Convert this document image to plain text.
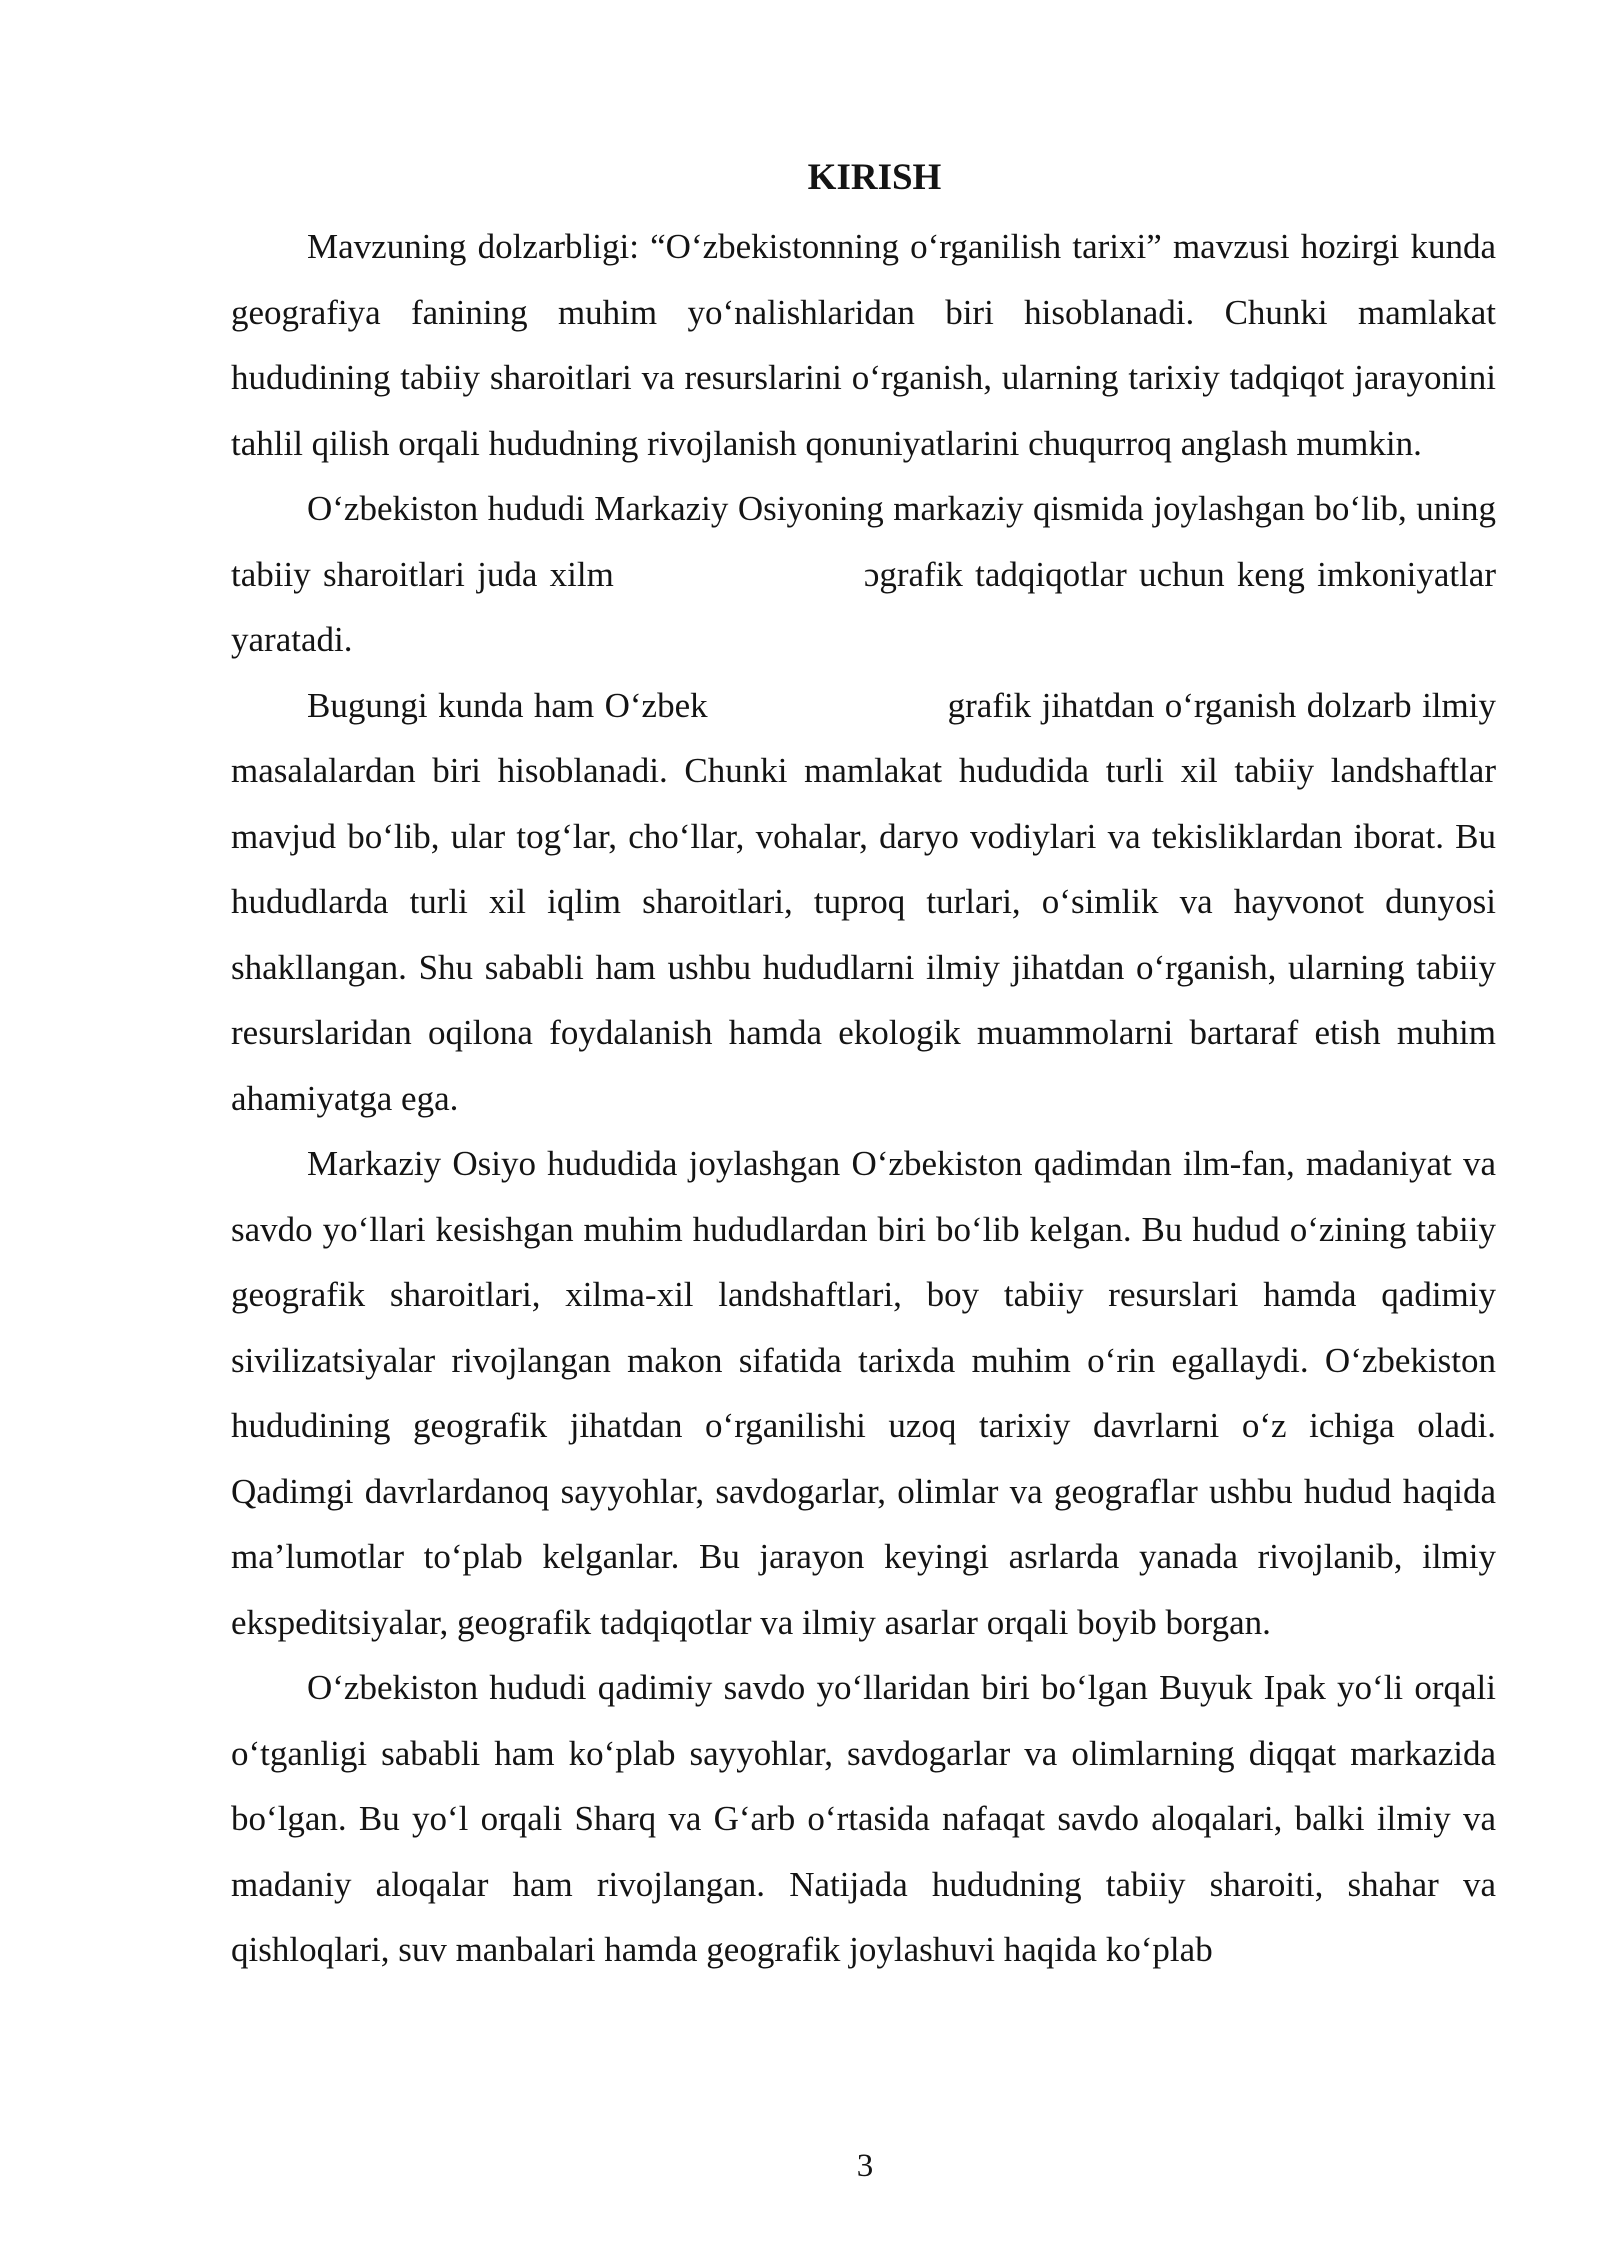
KIRISH

Mavzuning dolzarbligi: “O‘zbekistonning o‘rganilish tarixi” mavzusi hozirgi kunda geografiya fanining muhim yo‘nalishlaridan biri hisoblanadi. Chunki mamlakat hududining tabiiy sharoitlari va resurslarini o‘rganish, ularning tarixiy tadqiqot jarayonini tahlil qilish orqali hududning rivojlanish qonuniyatlarini chuqurroq anglash mumkin.

O‘zbekiston hududi Markaziy Osiyoning markaziy qismida joylashgan bo‘lib, uning tabiiy sharoitlari juda xilm	ɔgrafik tadqiqotlar uchun keng imkoniyatlar yaratadi.

Bugungi kunda ham O‘zbek	grafik jihatdan o‘rganish dolzarb ilmiy masalalardan biri hisoblanadi. Chunki mamlakat hududida turli xil tabiiy landshaftlar mavjud bo‘lib, ular tog‘lar, cho‘llar, vohalar, daryo vodiylari va tekisliklardan iborat. Bu hududlarda turli xil iqlim sharoitlari, tuproq turlari, o‘simlik va hayvonot dunyosi shakllangan. Shu sababli ham ushbu hududlarni ilmiy jihatdan o‘rganish, ularning tabiiy resurslaridan oqilona foydalanish hamda ekologik muammolarni bartaraf etish muhim ahamiyatga ega.

Markaziy Osiyo hududida joylashgan O‘zbekiston qadimdan ilm-fan, madaniyat va savdo yo‘llari kesishgan muhim hududlardan biri bo‘lib kelgan. Bu hudud o‘zining tabiiy geografik sharoitlari, xilma-xil landshaftlari, boy tabiiy resurslari hamda qadimiy sivilizatsiyalar rivojlangan makon sifatida tarixda muhim o‘rin egallaydi. O‘zbekiston hududining geografik jihatdan o‘rganilishi uzoq tarixiy davrlarni o‘z ichiga oladi. Qadimgi davrlardanoq sayyohlar, savdogarlar, olimlar va geograflar ushbu hudud haqida ma’lumotlar to‘plab kelganlar. Bu jarayon keyingi asrlarda yanada rivojlanib, ilmiy ekspeditsiyalar, geografik tadqiqotlar va ilmiy asarlar orqali boyib borgan.

O‘zbekiston hududi qadimiy savdo yo‘llaridan biri bo‘lgan Buyuk Ipak yo‘li orqali o‘tganligi sababli ham ko‘plab sayyohlar, savdogarlar va olimlarning diqqat markazida bo‘lgan. Bu yo‘l orqali Sharq va G‘arb o‘rtasida nafaqat savdo aloqalari, balki ilmiy va madaniy aloqalar ham rivojlangan. Natijada hududning tabiiy sharoiti, shahar va qishloqlari, suv manbalari hamda geografik joylashuvi haqida ko‘plab

3
